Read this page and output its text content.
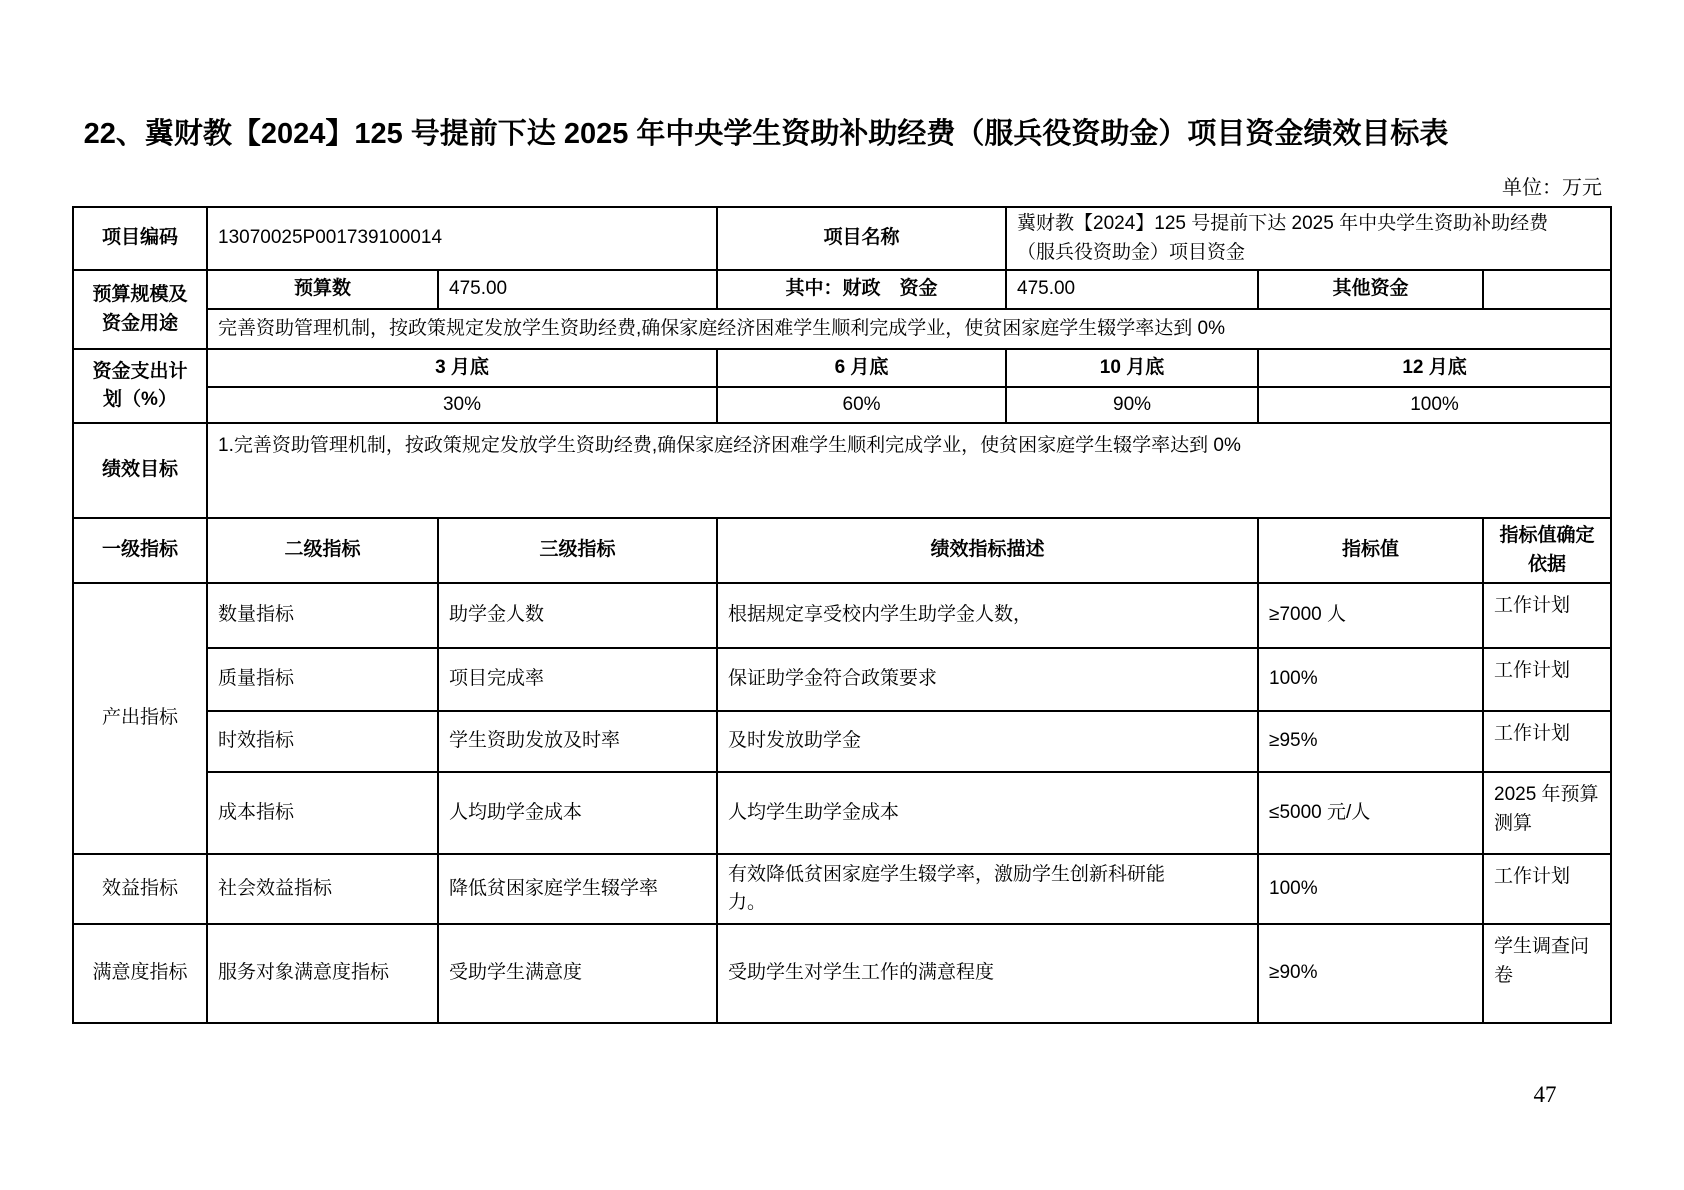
22、冀财教【2024】125 号提前下达 2025 年中央学生资助补助经费（服兵役资助金）项目资金绩效目标表
单位：万元
项目编码	13070025P001739100014		项目名称	冀财教【2024】125 号提前下达 2025 年中央学生资助补助经费（服兵役资助金）项目资金		
预算规模及资金用途	预算数	475.00	其中：财政　资金	475.00	其他资金	
	完善资助管理机制，按政策规定发放学生资助经费,确保家庭经济困难学生顺利完成学业，使贫困家庭学生辍学率达到 0%					
资金支出计划（%）	3 月底		6 月底	10 月底	12 月底	
	30%		60%	90%	100%	
绩效目标	1.完善资助管理机制，按政策规定发放学生资助经费,确保家庭经济困难学生顺利完成学业，使贫困家庭学生辍学率达到 0%					
一级指标	二级指标	三级指标	绩效指标描述		指标值	指标值确定依据
产出指标	数量指标	助学金人数	根据规定享受校内学生助学金人数，		≥7000 人	工作计划
	质量指标	项目完成率	保证助学金符合政策要求		100%	工作计划
	时效指标	学生资助发放及时率	及时发放助学金		≥95%	工作计划
	成本指标	人均助学金成本	人均学生助学金成本		≤5000 元/人	2025 年预算测算
效益指标	社会效益指标	降低贫困家庭学生辍学率	有效降低贫困家庭学生辍学率，激励学生创新科研能力。		100%	工作计划
满意度指标	服务对象满意度指标	受助学生满意度	受助学生对学生工作的满意程度		≥90%	学生调查问卷
47
